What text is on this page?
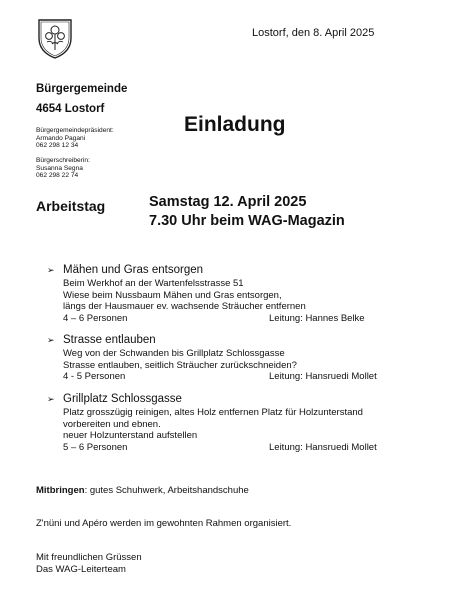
Lostorf, den 8. April 2025
Bürgergemeinde
4654 Lostorf
Bürgergemeindepräsident:
Armando Pagani
062 298 12 34
Bürgerschreiberin:
Susanna Segna
062 298 22 74
Einladung
Arbeitstag	Samstag 12. April 2025
7.30 Uhr beim WAG-Magazin
➢ Mähen und Gras entsorgen
Beim Werkhof an der Wartenfelsstrasse 51
Wiese beim Nussbaum Mähen und Gras entsorgen,
längs der Hausmauer ev. wachsende Sträucher entfernen
4 – 6 Personen	Leitung: Hannes Belke
➢ Strasse entlauben
Weg von der Schwanden bis Grillplatz Schlossgasse
Strasse entlauben, seitlich Sträucher zurückschneiden?
4 - 5 Personen	Leitung: Hansruedi Mollet
➢ Grillplatz Schlossgasse
Platz grosszügig reinigen, altes Holz entfernen Platz für Holzunterstand
vorbereiten und ebnen.
neuer Holzunterstand aufstellen
5 – 6 Personen	Leitung: Hansruedi Mollet
Mitbringen: gutes Schuhwerk, Arbeitshandschuhe
Z'nüni und Apéro werden im gewohnten Rahmen organisiert.
Mit freundlichen Grüssen
Das WAG-Leiterteam
